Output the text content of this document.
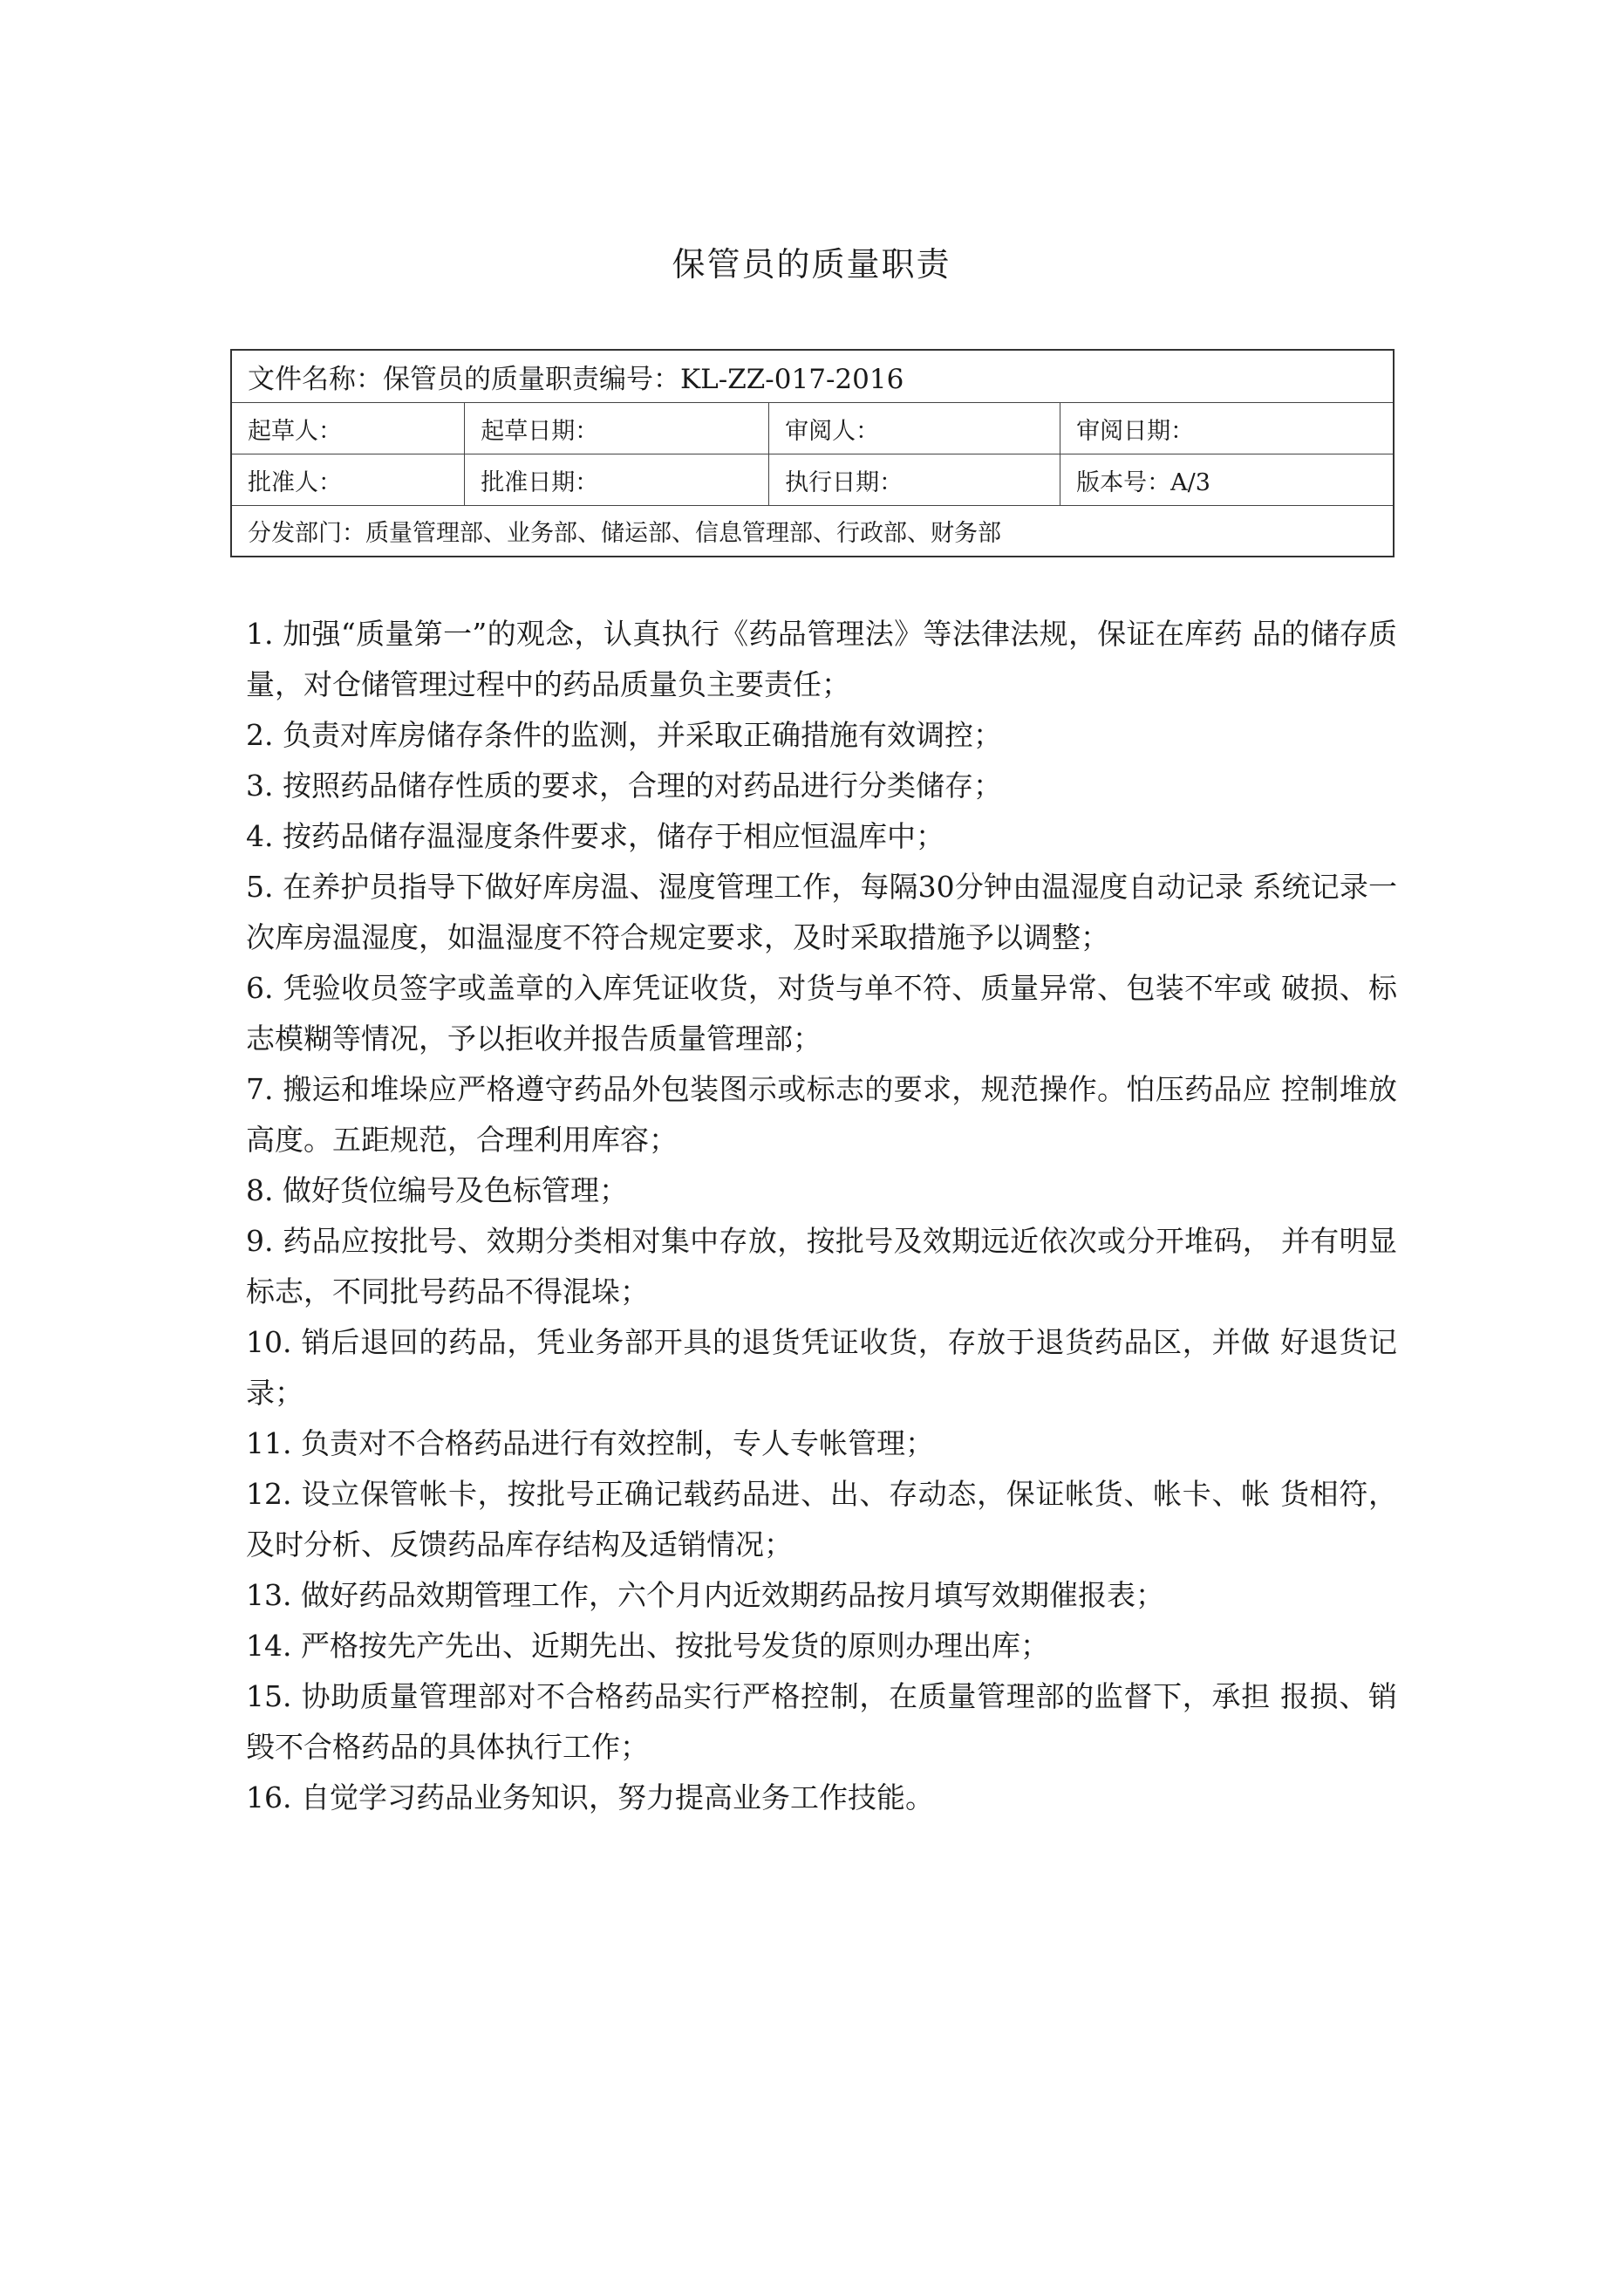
保管员的质量职责
文件名称：保管员的质量职责编号：KL-ZZ-017-2016
起草人：	起草日期：	审阅人：	审阅日期：
批准人：	批准日期：	执行日期：	版本号：A/3
分发部门：质量管理部、业务部、储运部、信息管理部、行政部、财务部
1. 加强“质量第一”的观念，认真执行《药品管理法》等法律法规，保证在库药 品的储存质量，对仓储管理过程中的药品质量负主要责任；
2. 负责对库房储存条件的监测，并采取正确措施有效调控；
3. 按照药品储存性质的要求，合理的对药品进行分类储存；
4. 按药品储存温湿度条件要求，储存于相应恒温库中；
5. 在养护员指导下做好库房温、湿度管理工作，每隔30分钟由温湿度自动记录 系统记录一次库房温湿度，如温湿度不符合规定要求，及时采取措施予以调整；
6. 凭验收员签字或盖章的入库凭证收货，对货与单不符、质量异常、包装不牢或 破损、标志模糊等情况，予以拒收并报告质量管理部；
7. 搬运和堆垛应严格遵守药品外包装图示或标志的要求，规范操作。怕压药品应 控制堆放高度。五距规范，合理利用库容；
8. 做好货位编号及色标管理；
9. 药品应按批号、效期分类相对集中存放，按批号及效期远近依次或分开堆码， 并有明显标志，不同批号药品不得混垛；
10. 销后退回的药品，凭业务部开具的退货凭证收货，存放于退货药品区，并做 好退货记录；
11. 负责对不合格药品进行有效控制，专人专帐管理；
12. 设立保管帐卡，按批号正确记载药品进、出、存动态，保证帐货、帐卡、帐 货相符，及时分析、反馈药品库存结构及适销情况；
13. 做好药品效期管理工作，六个月内近效期药品按月填写效期催报表；
14. 严格按先产先出、近期先出、按批号发货的原则办理出库；
15. 协助质量管理部对不合格药品实行严格控制，在质量管理部的监督下，承担 报损、销毁不合格药品的具体执行工作；
16. 自觉学习药品业务知识，努力提高业务工作技能。
